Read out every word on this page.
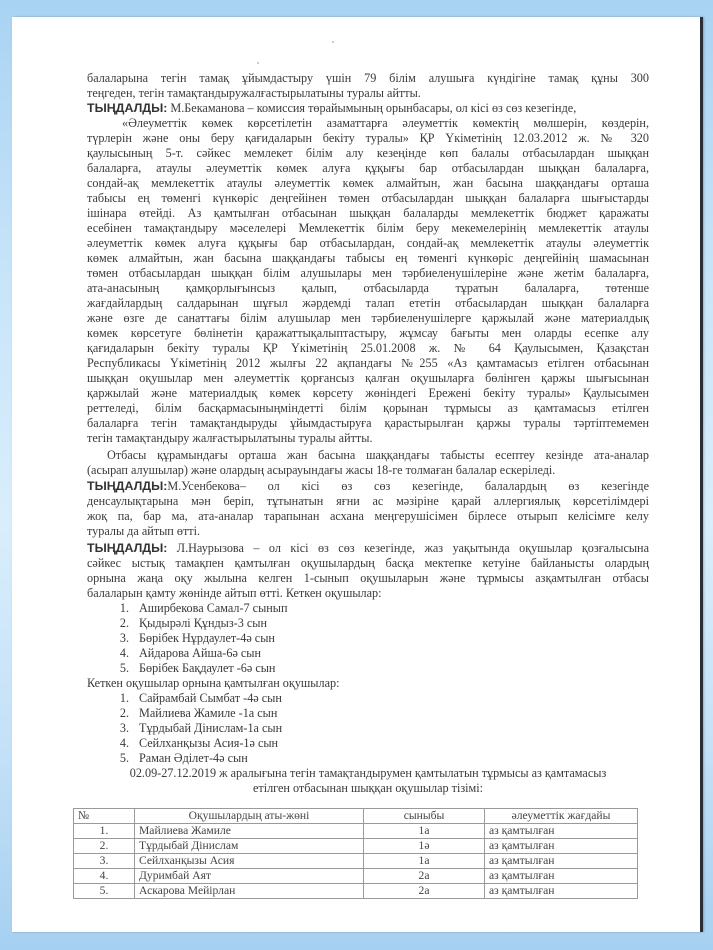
балаларына тегін тамақ ұйымдастыру үшін 79 білім алушыға күндігіне тамақ құны 300
теңгеден, тегін тамақтандыружалғастырылатыны туралы айтты.
ТЫҢДАЛДЫ: М.Бекаманова – комиссия төрайымының орынбасары, ол кісі өз сөз кезегінде,
«Әлеуметтік көмек көрсетілетін азаматтарға әлеуметтік көмектің мөлшерін, көздерін,
түрлерін және оны беру қағидаларын бекіту туралы» ҚР Үкіметінің 12.03.2012 ж. № 320
қаулысының 5-т. сәйкес мемлекет білім алу кезеңінде көп балалы отбасылардан шыққан
балаларға, атаулы әлеуметтік көмек алуға құқығы бар отбасылардан шыққан балаларға,
сондай-ақ мемлекеттік атаулы әлеуметтік көмек алмайтын, жан басына шаққандағы орташа
табысы ең төменгі күнкөріс деңгейінен төмен отбасылардан шыққан балаларға шығыстарды
ішінара өтейді. Аз қамтылған отбасынан шыққан балаларды мемлекеттік бюджет қаражаты
есебінен тамақтандыру мәселелері Мемлекеттік білім беру мекемелерінің мемлекеттік атаулы
әлеуметтік көмек алуға құқығы бар отбасылардан, сондай-ақ мемлекеттік атаулы әлеуметтік
көмек алмайтын, жан басына шаққандағы табысы ең төменгі күнкөріс деңгейінің шамасынан
төмен отбасылардан шыққан білім алушылары мен тәрбиеленушілеріне және жетім балаларға,
ата-анасының қамқорлығынсыз қалып, отбасыларда тұратын балаларға, төтенше
жағдайлардың салдарынан шұғыл жәрдемді талап ететін отбасылардан шыққан балаларға
және өзге де санаттағы білім алушылар мен тәрбиеленушілерге қаржылай және материалдық
көмек көрсетуге бөлінетін қаражаттықалыптастыру, жұмсау бағыты мен оларды есепке алу
қағидаларын бекіту туралы ҚР Үкіметінің 25.01.2008 ж. № 64 Қаулысымен, Қазақстан
Республикасы Үкіметінің 2012 жылғы 22 ақпандағы №255 «Аз қамтамасыз етілген отбасынан
шыққан оқушылар мен әлеуметтік қорғансыз қалған оқушыларға бөлінген қаржы шығысынан
қаржылай және материалдық көмек көрсету жөніндегі Ережені бекіту туралы» Қаулысымен
реттеледі, білім басқармасыныңміндетті білім қорынан тұрмысы аз қамтамасыз етілген
балаларға тегін тамақтандыруды ұйымдастыруға қарастырылған қаржы туралы тәртіптемемен
тегін тамақтандыру жалғастырылатыны туралы айтты.
Отбасы құрамындағы орташа жан басына шаққандағы табысты есептеу кезінде ата-аналар
(асырап алушылар) және олардың асырауындағы жасы 18-ге толмаған балалар ескеріледі.
ТЫҢДАЛДЫ:М.Усенбекова– ол кісі өз сөз кезегінде, балалардың өз кезегінде
денсаулықтарына мән беріп, тұтынатын яғни ас мәзіріне қарай аллергиялық көрсетілімдері
жоқ па, бар ма, ата-аналар тарапынан асхана меңгерушісімен бірлесе отырып келісімге келу
туралы да айтып өтті.
ТЫҢДАЛДЫ: Л.Наурызова – ол кісі өз сөз кезегінде, жаз уақытында оқушылар қозғалысына
сәйкес ыстық тамақпен қамтылған оқушылардың басқа мектепке кетуіне байланысты олардың
орнына жаңа оқу жылына келген 1-сынып оқушыларын және тұрмысы азқамтылған отбасы
балаларын қамту жөнінде айтып өтті. Кеткен оқушылар:
1. Аширбекова Самал-7 сынып
2. Қыдырәлі Құндыз-3 сын
3. Бөрібек Нұрдаулет-4ә сын
4. Айдарова Айша-6ә сын
5. Бөрібек Бақдаулет -6ә сын
Кеткен оқушылар орнына қамтылған оқушылар:
1. Сайрамбай Сымбат -4ә сын
2. Майлиева Жамиле -1а сын
3. Тұрдыбай Дінислам-1а сын
4. Сейлханқызы Асия-1ә сын
5. Раман Әділет-4ә сын
02.09-27.12.2019 ж аралығына тегін тамақтандырумен қамтылатын тұрмысы аз қамтамасыз
етілген отбасынан шыққан оқушылар тізімі:
№	Оқушылардың аты-жөні	сыныбы	әлеуметтік жағдайы
1.	Майлиева Жамиле	1а	аз қамтылған
2.	Тұрдыбай Дінислам	1ә	аз қамтылған
3.	Сейлханқызы Асия	1а	аз қамтылған
4.	Дуримбай Аят	2а	аз қамтылған
5.	Аскарова Мейірлан	2а	аз қамтылған
